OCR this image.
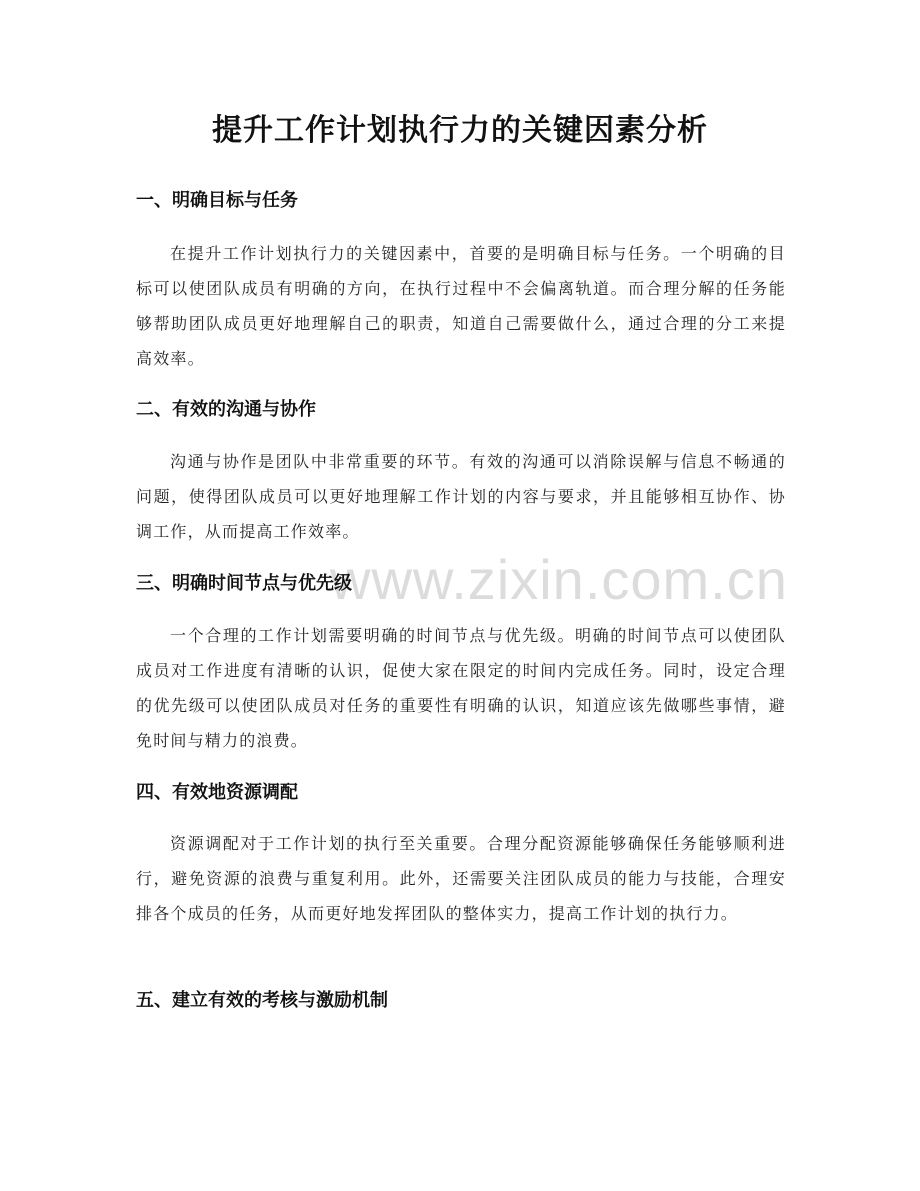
www.zixin.com.cn
提升工作计划执行力的关键因素分析
一、明确目标与任务

在提升工作计划执行力的关键因素中，首要的是明确目标与任务。一个明确的目标可以使团队成员有明确的方向，在执行过程中不会偏离轨道。而合理分解的任务能够帮助团队成员更好地理解自己的职责，知道自己需要做什么，通过合理的分工来提高效率。

二、有效的沟通与协作

沟通与协作是团队中非常重要的环节。有效的沟通可以消除误解与信息不畅通的问题，使得团队成员可以更好地理解工作计划的内容与要求，并且能够相互协作、协调工作，从而提高工作效率。

三、明确时间节点与优先级

一个合理的工作计划需要明确的时间节点与优先级。明确的时间节点可以使团队成员对工作进度有清晰的认识，促使大家在限定的时间内完成任务。同时，设定合理的优先级可以使团队成员对任务的重要性有明确的认识，知道应该先做哪些事情，避免时间与精力的浪费。

四、有效地资源调配

资源调配对于工作计划的执行至关重要。合理分配资源能够确保任务能够顺利进行，避免资源的浪费与重复利用。此外，还需要关注团队成员的能力与技能，合理安排各个成员的任务，从而更好地发挥团队的整体实力，提高工作计划的执行力。

五、建立有效的考核与激励机制
